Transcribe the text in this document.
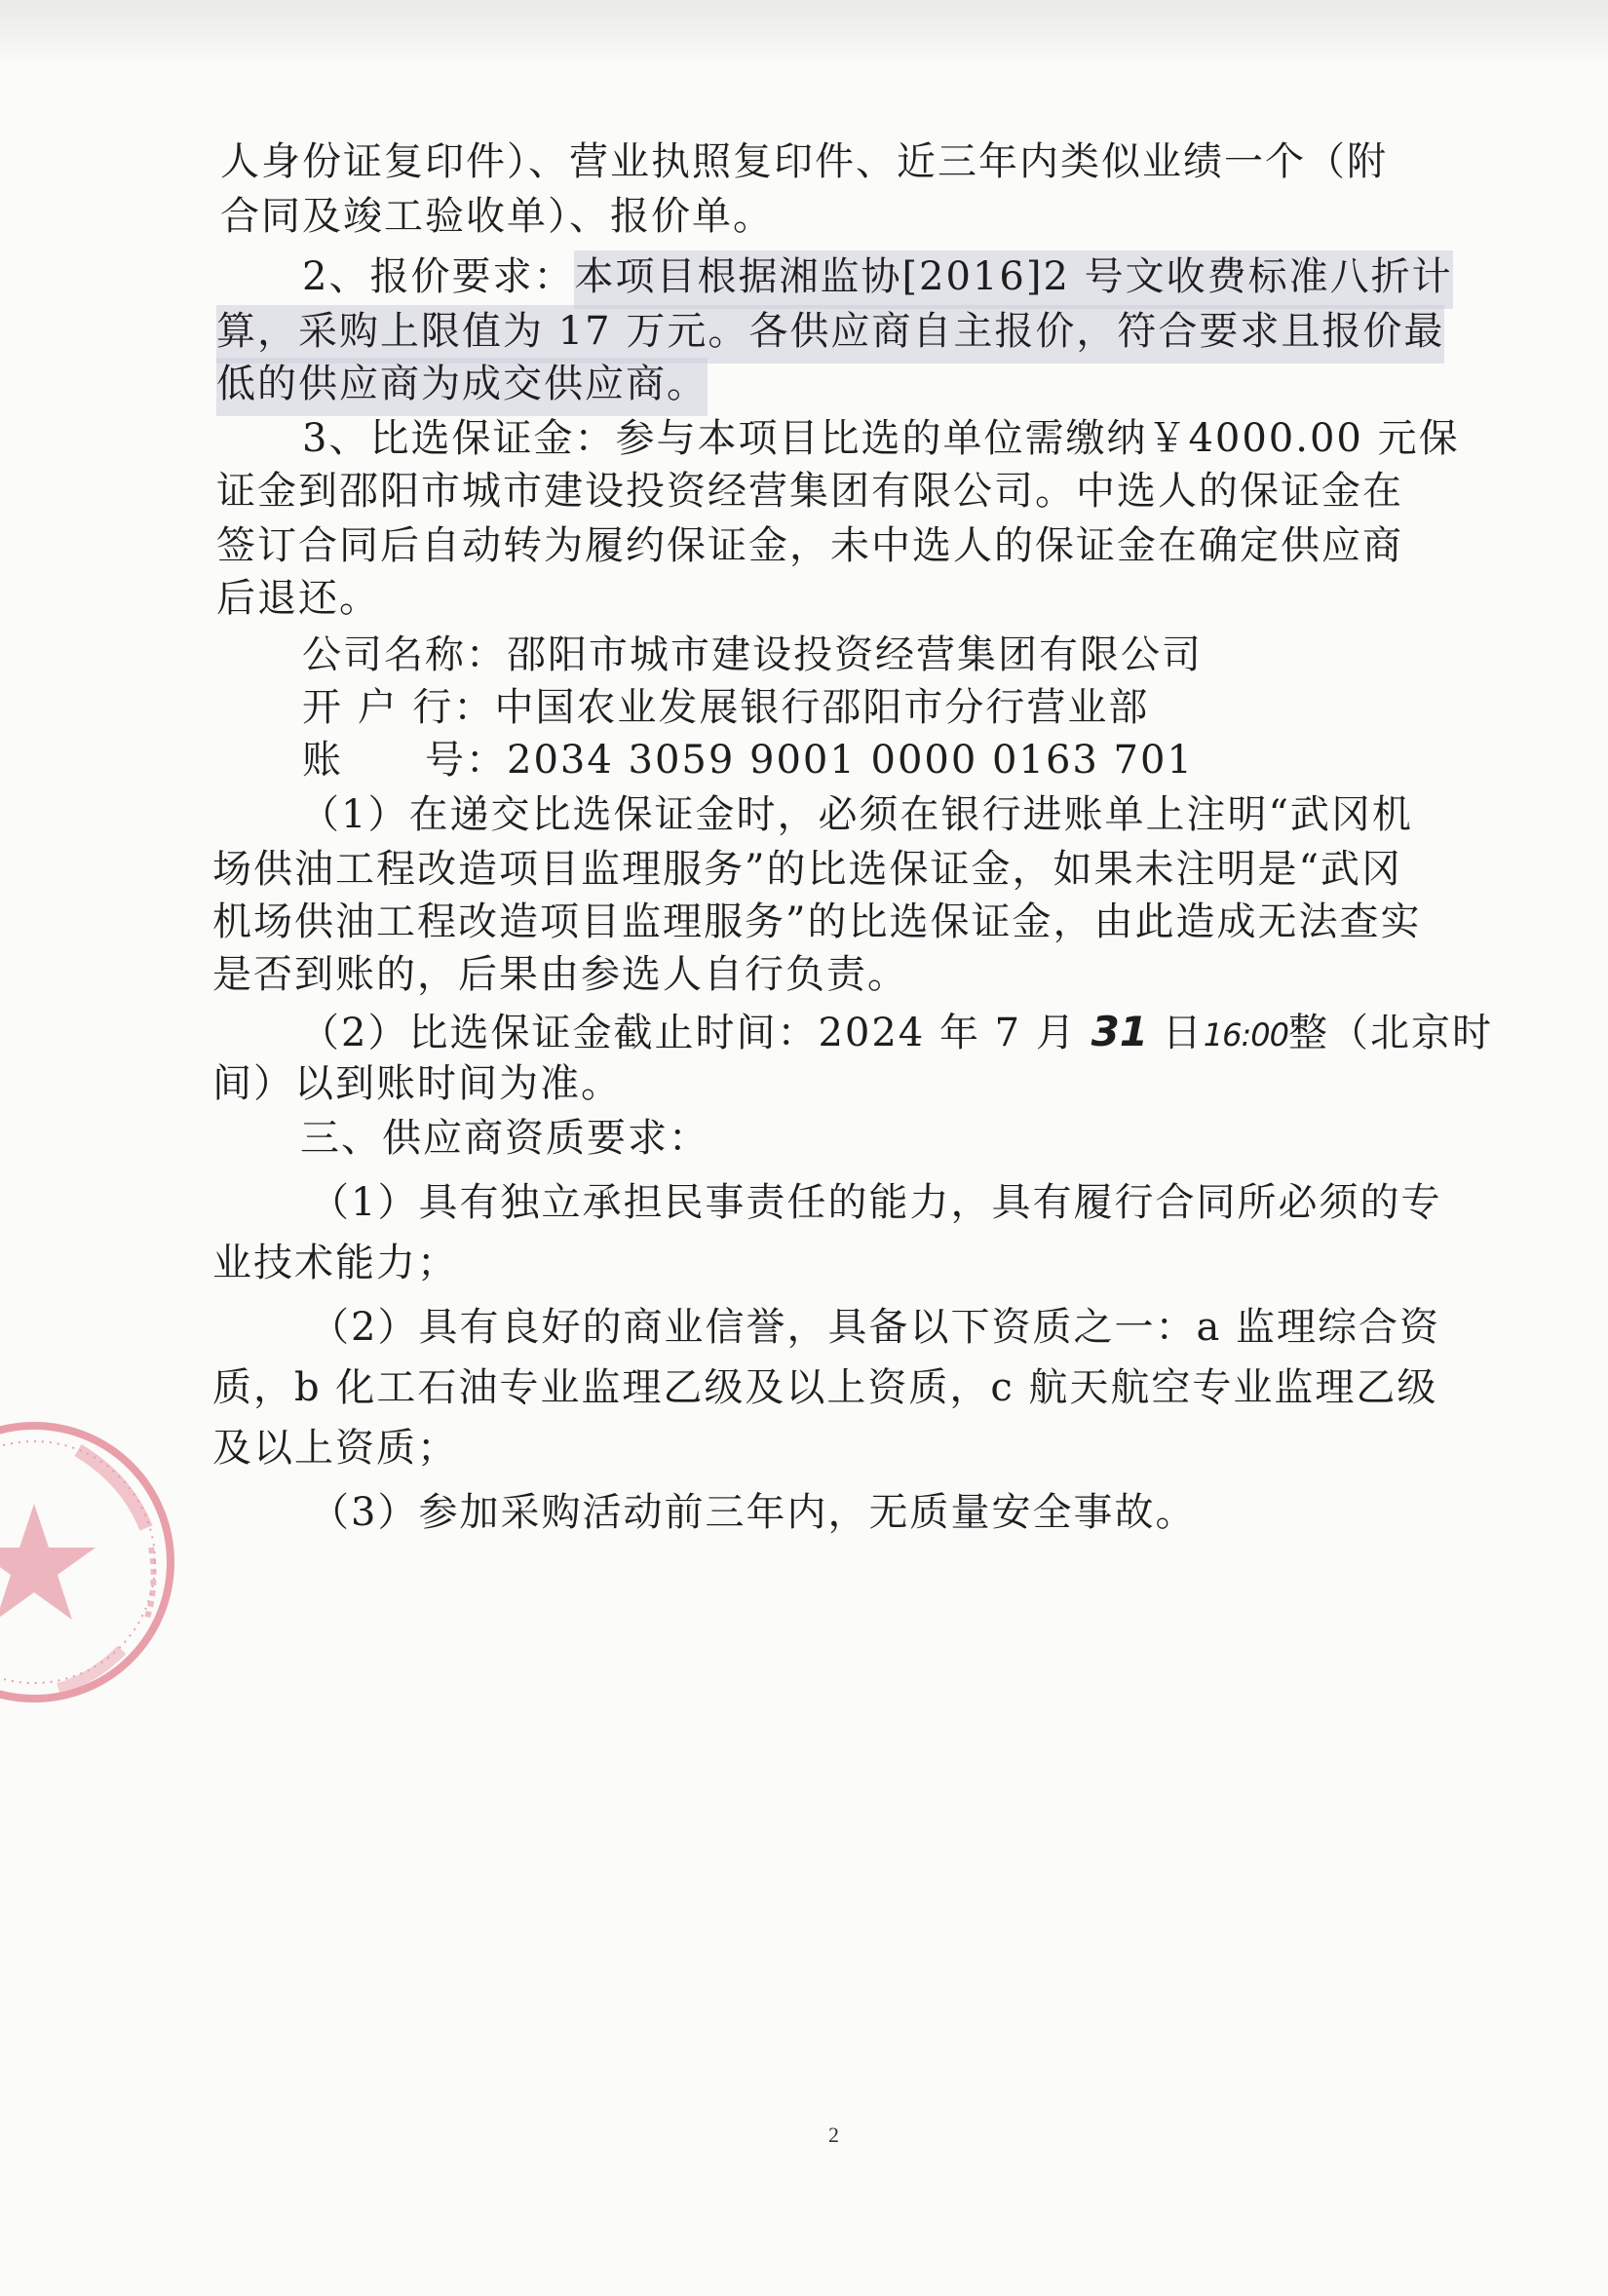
人身份证复印件）、营业执照复印件、近三年内类似业绩一个（附
合同及竣工验收单）、报价单。
2、报价要求：本项目根据湘监协[2016]2 号文收费标准八折计
算，采购上限值为 17 万元。各供应商自主报价，符合要求且报价最
低的供应商为成交供应商。
3、比选保证金：参与本项目比选的单位需缴纳￥4000.00 元保
证金到邵阳市城市建设投资经营集团有限公司。中选人的保证金在
签订合同后自动转为履约保证金，未中选人的保证金在确定供应商
后退还。
公司名称：邵阳市城市建设投资经营集团有限公司
开 户 行：中国农业发展银行邵阳市分行营业部
账　　号：2034 3059 9001 0000 0163 701
（1）在递交比选保证金时，必须在银行进账单上注明“武冈机
场供油工程改造项目监理服务”的比选保证金，如果未注明是“武冈
机场供油工程改造项目监理服务”的比选保证金，由此造成无法查实
是否到账的，后果由参选人自行负责。
（2）比选保证金截止时间：2024 年 7 月 31 日16:00整（北京时
间）以到账时间为准。
三、供应商资质要求：
（1）具有独立承担民事责任的能力，具有履行合同所必须的专
业技术能力；
（2）具有良好的商业信誉，具备以下资质之一：a 监理综合资
质，b 化工石油专业监理乙级及以上资质，c 航天航空专业监理乙级
及以上资质；
（3）参加采购活动前三年内，无质量安全事故。
2
